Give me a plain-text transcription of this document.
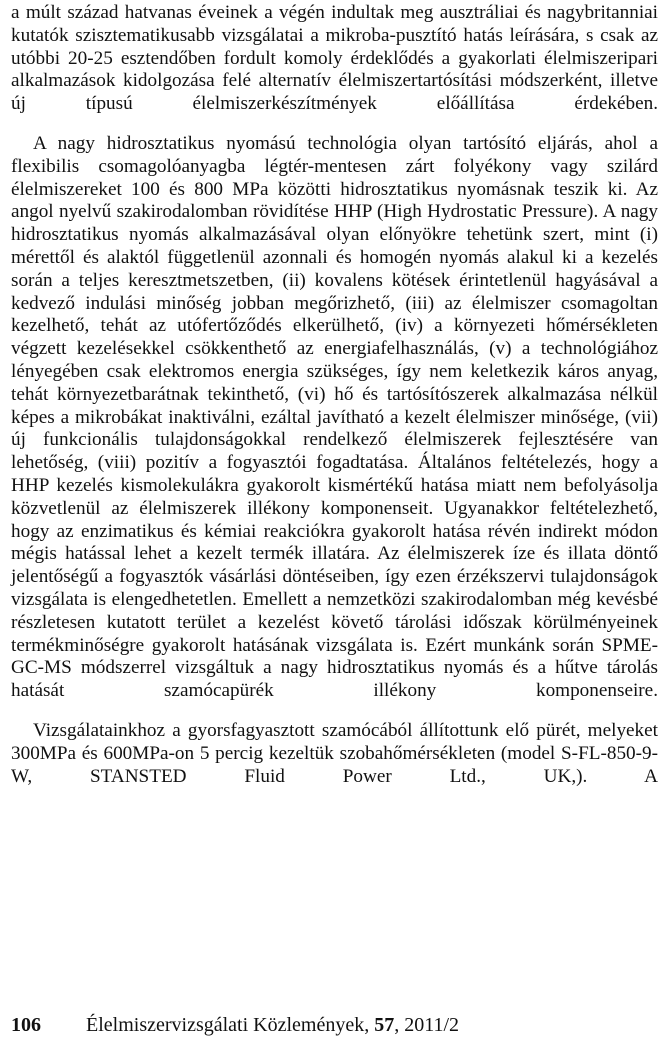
a múlt század hatvanas éveinek a végén indultak meg ausztráliai és nagybritanniai kutatók szisztematikusabb vizsgálatai a mikroba-pusztító hatás leírására, s csak az utóbbi 20-25 esztendőben fordult komoly érdeklődés a gyakorlati élelmiszeripari alkalmazások kidolgozása felé alternatív élelmiszertartósítási módszerként, illetve új típusú élelmiszerkészítmények előállítása érdekében.

A nagy hidrosztatikus nyomású technológia olyan tartósító eljárás, ahol a flexibilis csomagolóanyagba légtér-mentesen zárt folyékony vagy szilárd élelmiszereket 100 és 800 MPa közötti hidrosztatikus nyomásnak teszik ki. Az angol nyelvű szakirodalomban rövidítése HHP (High Hydrostatic Pressure). A nagy hidrosztatikus nyomás alkalmazásával olyan előnyökre tehetünk szert, mint (i) mérettől és alaktól függetlenül azonnali és homogén nyomás alakul ki a kezelés során a teljes keresztmetszetben, (ii) kovalens kötések érintetlenül hagyásával a kedvező indulási minőség jobban megőrizhető, (iii) az élelmiszer csomagoltan kezelhető, tehát az utófertőződés elkerülhető, (iv) a környezeti hőmérsékleten végzett kezelésekkel csökkenthető az energiafelhasználás, (v) a technológiához lényegében csak elektromos energia szükséges, így nem keletkezik káros anyag, tehát környezetbarátnak tekinthető, (vi) hő és tartósítószerek alkalmazása nélkül képes a mikrobákat inaktiválni, ezáltal javítható a kezelt élelmiszer minősége, (vii) új funkcionális tulajdonságokkal rendelkező élelmiszerek fejlesztésére van lehetőség, (viii) pozitív a fogyasztói fogadtatása. Általános feltételezés, hogy a HHP kezelés kismolekulákra gyakorolt kismértékű hatása miatt nem befolyásolja közvetlenül az élelmiszerek illékony komponenseit. Ugyanakkor feltételezhető, hogy az enzimatikus és kémiai reakciókra gyakorolt hatása révén indirekt módon mégis hatással lehet a kezelt termék illatára. Az élelmiszerek íze és illata döntő jelentőségű a fogyasztók vásárlási döntéseiben, így ezen érzékszervi tulajdonságok vizsgálata is elengedhetetlen. Emellett a nemzetközi szakirodalomban még kevésbé részletesen kutatott terület a kezelést követő tárolási időszak körülményeinek termékminőségre gyakorolt hatásának vizsgálata is. Ezért munkánk során SPME-GC-MS módszerrel vizsgáltuk a nagy hidrosztatikus nyomás és a hűtve tárolás hatását szamócapürék illékony komponenseire.

Vizsgálatainkhoz a gyorsfagyasztott szamócából állítottunk elő pürét, melyeket 300MPa és 600MPa-on 5 percig kezeltük szobahőmérsékleten (model S-FL-850-9-W, STANSTED Fluid Power Ltd., UK,). A

106 Élelmiszervizsgálati Közlemények, 57, 2011/2
